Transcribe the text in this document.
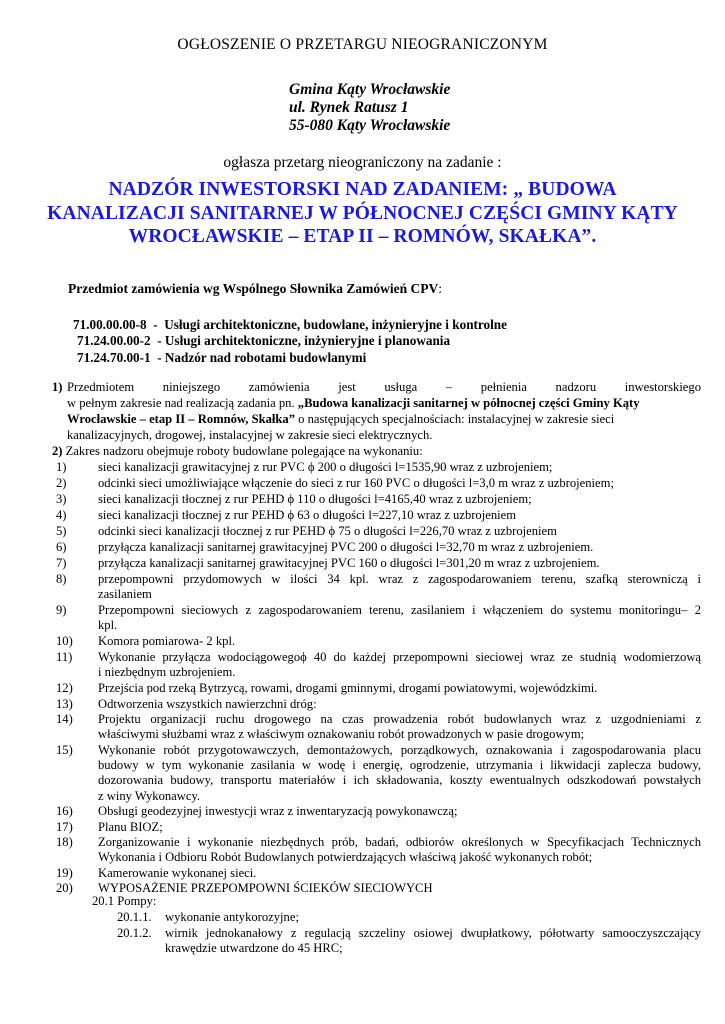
OGŁOSZENIE O PRZETARGU NIEOGRANICZONYM
Gmina Kąty Wrocławskie
ul. Rynek Ratusz 1
55-080 Kąty Wrocławskie
ogłasza przetarg nieograniczony na zadanie :
NADZÓR INWESTORSKI NAD ZADANIEM: „ BUDOWA
KANALIZACJI SANITARNEJ W PÓŁNOCNEJ CZĘŚCI GMINY KĄTY
WROCŁAWSKIE – ETAP II – ROMNÓW, SKAŁKA”.
Przedmiot zamówienia wg Wspólnego Słownika Zamówień CPV:
71.00.00.00-8  -  Usługi architektoniczne, budowlane, inżynieryjne i kontrolne
71.24.00.00-2  - Usługi architektoniczne, inżynieryjne i planowania
71.24.70.00-1  - Nadzór nad robotami budowlanymi
1) Przedmiotem niniejszego zamówienia jest usługa – pełnienia nadzoru inwestorskiego
w pełnym zakresie nad realizacją zadania pn. „Budowa kanalizacji sanitarnej w północnej części Gminy Kąty
Wrocławskie – etap II – Romnów, Skałka” o następujących specjalnościach: instalacyjnej w zakresie sieci
kanalizacyjnych, drogowej, instalacyjnej w zakresie sieci elektrycznych.
2) Zakres nadzoru obejmuje roboty budowlane polegające na wykonaniu:
1)	sieci kanalizacji grawitacyjnej z rur PVC ϕ 200 o długości l=1535,90 wraz z uzbrojeniem;
2)	odcinki sieci umożliwiające włączenie do sieci z rur 160 PVC o długości l=3,0 m wraz z uzbrojeniem;
3)	sieci kanalizacji tłocznej z rur PEHD ϕ 110 o długości l=4165,40 wraz z uzbrojeniem;
4)	sieci kanalizacji tłocznej z rur PEHD ϕ 63 o długości l=227,10 wraz z uzbrojeniem
5)	odcinki sieci kanalizacji tłocznej z rur PEHD ϕ 75 o długości l=226,70 wraz z uzbrojeniem
6)	przyłącza kanalizacji sanitarnej grawitacyjnej PVC 200 o długości l=32,70 m wraz z uzbrojeniem.
7)	przyłącza kanalizacji sanitarnej grawitacyjnej PVC 160 o długości l=301,20 m wraz z uzbrojeniem.
8)	przepompowni przydomowych w ilości 34 kpl. wraz z zagospodarowaniem terenu, szafką sterowniczą i
zasilaniem
9)	Przepompowni sieciowych z zagospodarowaniem terenu, zasilaniem i włączeniem do systemu monitoringu– 2
kpl.
10) Komora pomiarowa- 2 kpl.
11) Wykonanie przyłącza wodociągowegoϕ 40 do każdej przepompowni sieciowej wraz ze studnią wodomierzową
i niezbędnym uzbrojeniem.
12) Przejścia pod rzeką Bytrzycą, rowami, drogami gminnymi, drogami powiatowymi, wojewódzkimi.
13) Odtworzenia wszystkich nawierzchni dróg:
14) Projektu organizacji ruchu drogowego na czas prowadzenia robót budowlanych wraz z uzgodnieniami z
właściwymi służbami wraz z właściwym oznakowaniu robót prowadzonych w pasie drogowym;
15) Wykonanie robót przygotowawczych, demontażowych, porządkowych, oznakowania i zagospodarowania placu
budowy w tym wykonanie zasilania w wodę i energię, ogrodzenie, utrzymania i likwidacji zaplecza budowy,
dozorowania budowy, transportu materiałów i ich składowania, koszty ewentualnych odszkodowań powstałych
z winy Wykonawcy.
16) Obsługi geodezyjnej inwestycji wraz z inwentaryzacją powykonawczą;
17) Planu BIOZ;
18) Zorganizowanie i wykonanie niezbędnych prób, badań, odbiorów określonych w Specyfikacjach Technicznych
Wykonania i Odbioru Robót Budowlanych potwierdzających właściwą jakość wykonanych robót;
19) Kamerowanie wykonanej sieci.
20) WYPOSAŻENIE PRZEPOMPOWNI ŚCIEKÓW SIECIOWYCH
20.1 Pompy:
20.1.1. wykonanie antykorozyjne;
20.1.2. wirnik jednokanałowy z regulacją szczeliny osiowej dwupłatkowy, półotwarty samooczyszczający
krawędzie utwardzone do 45 HRC;
